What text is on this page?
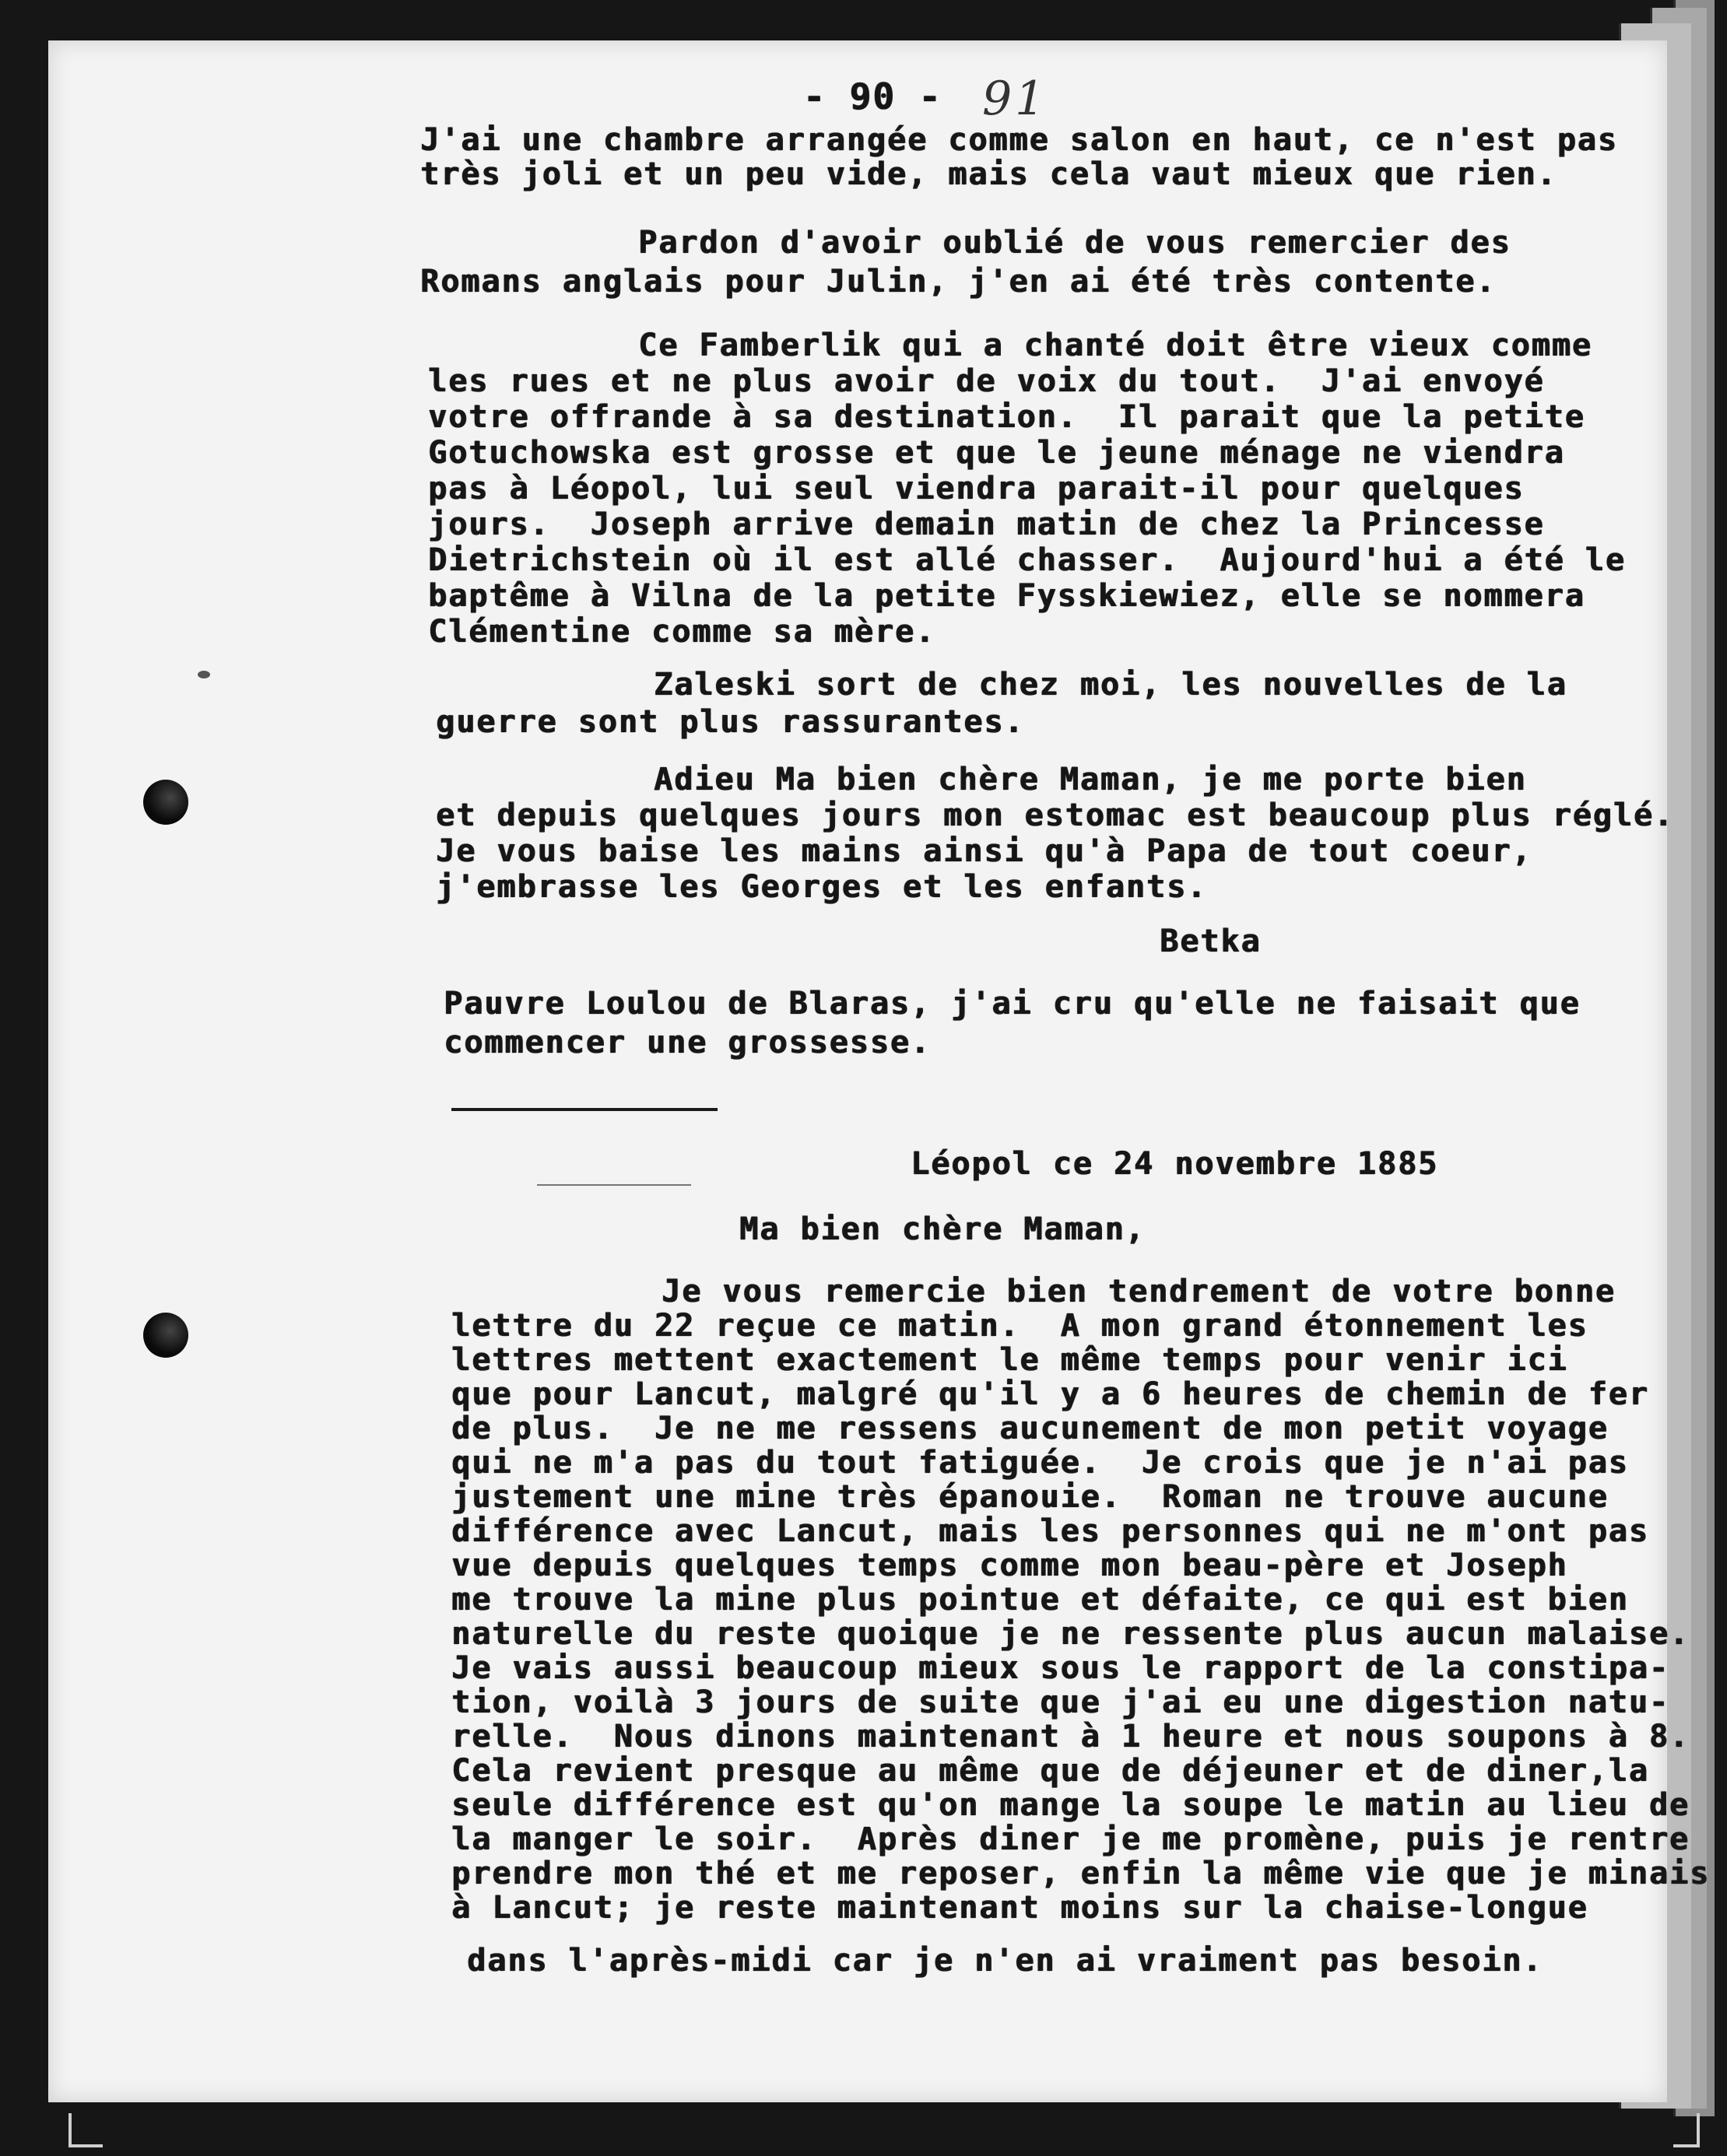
- 90 - 91
J'ai une chambre arrangée comme salon en haut, ce n'est pas
très joli et un peu vide, mais cela vaut mieux que rien.
Pardon d'avoir oublié de vous remercier des
Romans anglais pour Julin, j'en ai été très contente.
Ce Famberlik qui a chanté doit être vieux comme
les rues et ne plus avoir de voix du tout.  J'ai envoyé
votre offrande à sa destination.  Il parait que la petite
Gotuchowska est grosse et que le jeune ménage ne viendra
pas à Léopol, lui seul viendra parait-il pour quelques
jours.  Joseph arrive demain matin de chez la Princesse
Dietrichstein où il est allé chasser.  Aujourd'hui a été le
baptême à Vilna de la petite Fysskiewiez, elle se nommera
Clémentine comme sa mère.
Zaleski sort de chez moi, les nouvelles de la
guerre sont plus rassurantes.
Adieu Ma bien chère Maman, je me porte bien
et depuis quelques jours mon estomac est beaucoup plus réglé.
Je vous baise les mains ainsi qu'à Papa de tout coeur,
j'embrasse les Georges et les enfants.
Betka
Pauvre Loulou de Blaras, j'ai cru qu'elle ne faisait que
commencer une grossesse.
Léopol ce 24 novembre 1885
Ma bien chère Maman,
Je vous remercie bien tendrement de votre bonne
lettre du 22 reçue ce matin.  A mon grand étonnement les
lettres mettent exactement le même temps pour venir ici
que pour Lancut, malgré qu'il y a 6 heures de chemin de fer
de plus.  Je ne me ressens aucunement de mon petit voyage
qui ne m'a pas du tout fatiguée.  Je crois que je n'ai pas
justement une mine très épanouie.  Roman ne trouve aucune
différence avec Lancut, mais les personnes qui ne m'ont pas
vue depuis quelques temps comme mon beau-père et Joseph
me trouve la mine plus pointue et défaite, ce qui est bien
naturelle du reste quoique je ne ressente plus aucun malaise.
Je vais aussi beaucoup mieux sous le rapport de la constipa-
tion, voilà 3 jours de suite que j'ai eu une digestion natu-
relle.  Nous dinons maintenant à 1 heure et nous soupons à 8.
Cela revient presque au même que de déjeuner et de diner,la
seule différence est qu'on mange la soupe le matin au lieu de
la manger le soir.  Après diner je me promène, puis je rentre
prendre mon thé et me reposer, enfin la même vie que je minais
à Lancut; je reste maintenant moins sur la chaise-longue
dans l'après-midi car je n'en ai vraiment pas besoin.
